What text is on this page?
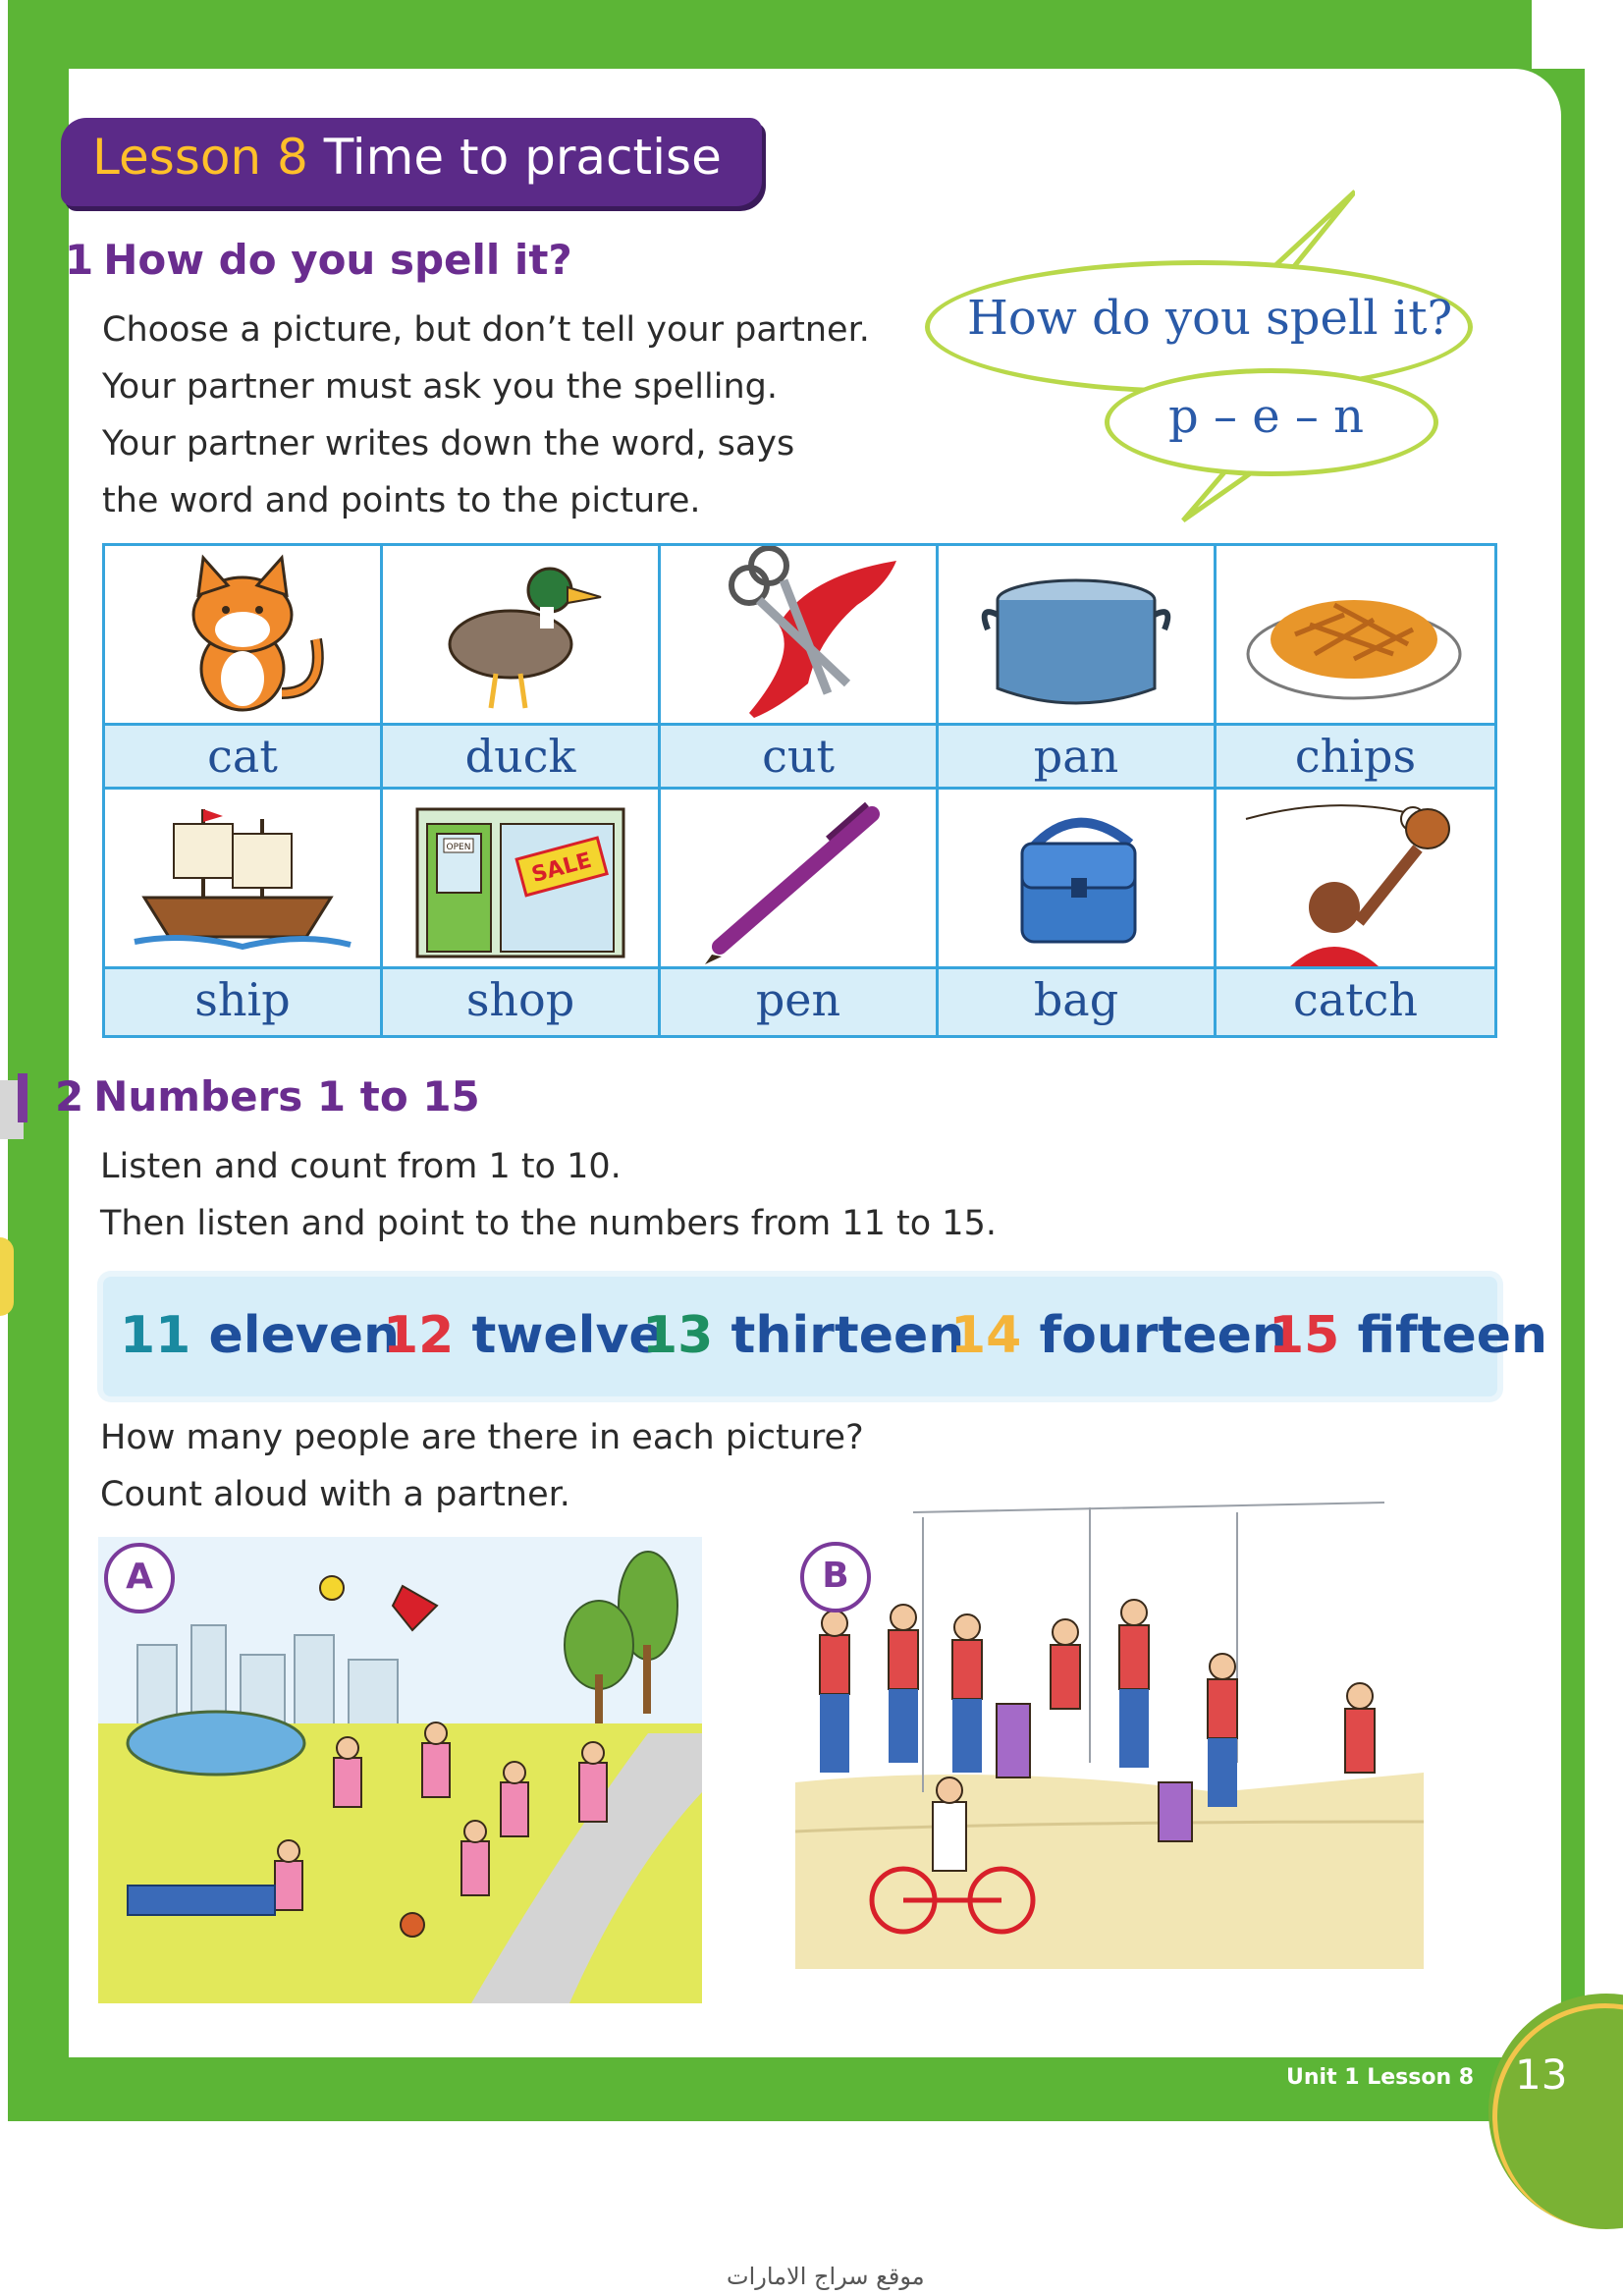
Lesson 8 Time to practise
1 How do you spell it?
Choose a picture, but don’t tell your partner.
Your partner must ask you the spelling.
Your partner writes down the word, says
the word and points to the picture.
How do you spell it?
p – e – n
cat	duck	cut	pan	chips
SALE
OPEN
ship	shop	pen	bag	catch
2 Numbers 1 to 15
Listen and count from 1 to 10.
Then listen and point to the numbers from 11 to 15.
11 eleven
12 twelve
13 thirteen
14 fourteen
15 fifteen
How many people are there in each picture?
Count aloud with a partner.
A	B
Unit 1 Lesson 8 13
موقع سراج الامارات
